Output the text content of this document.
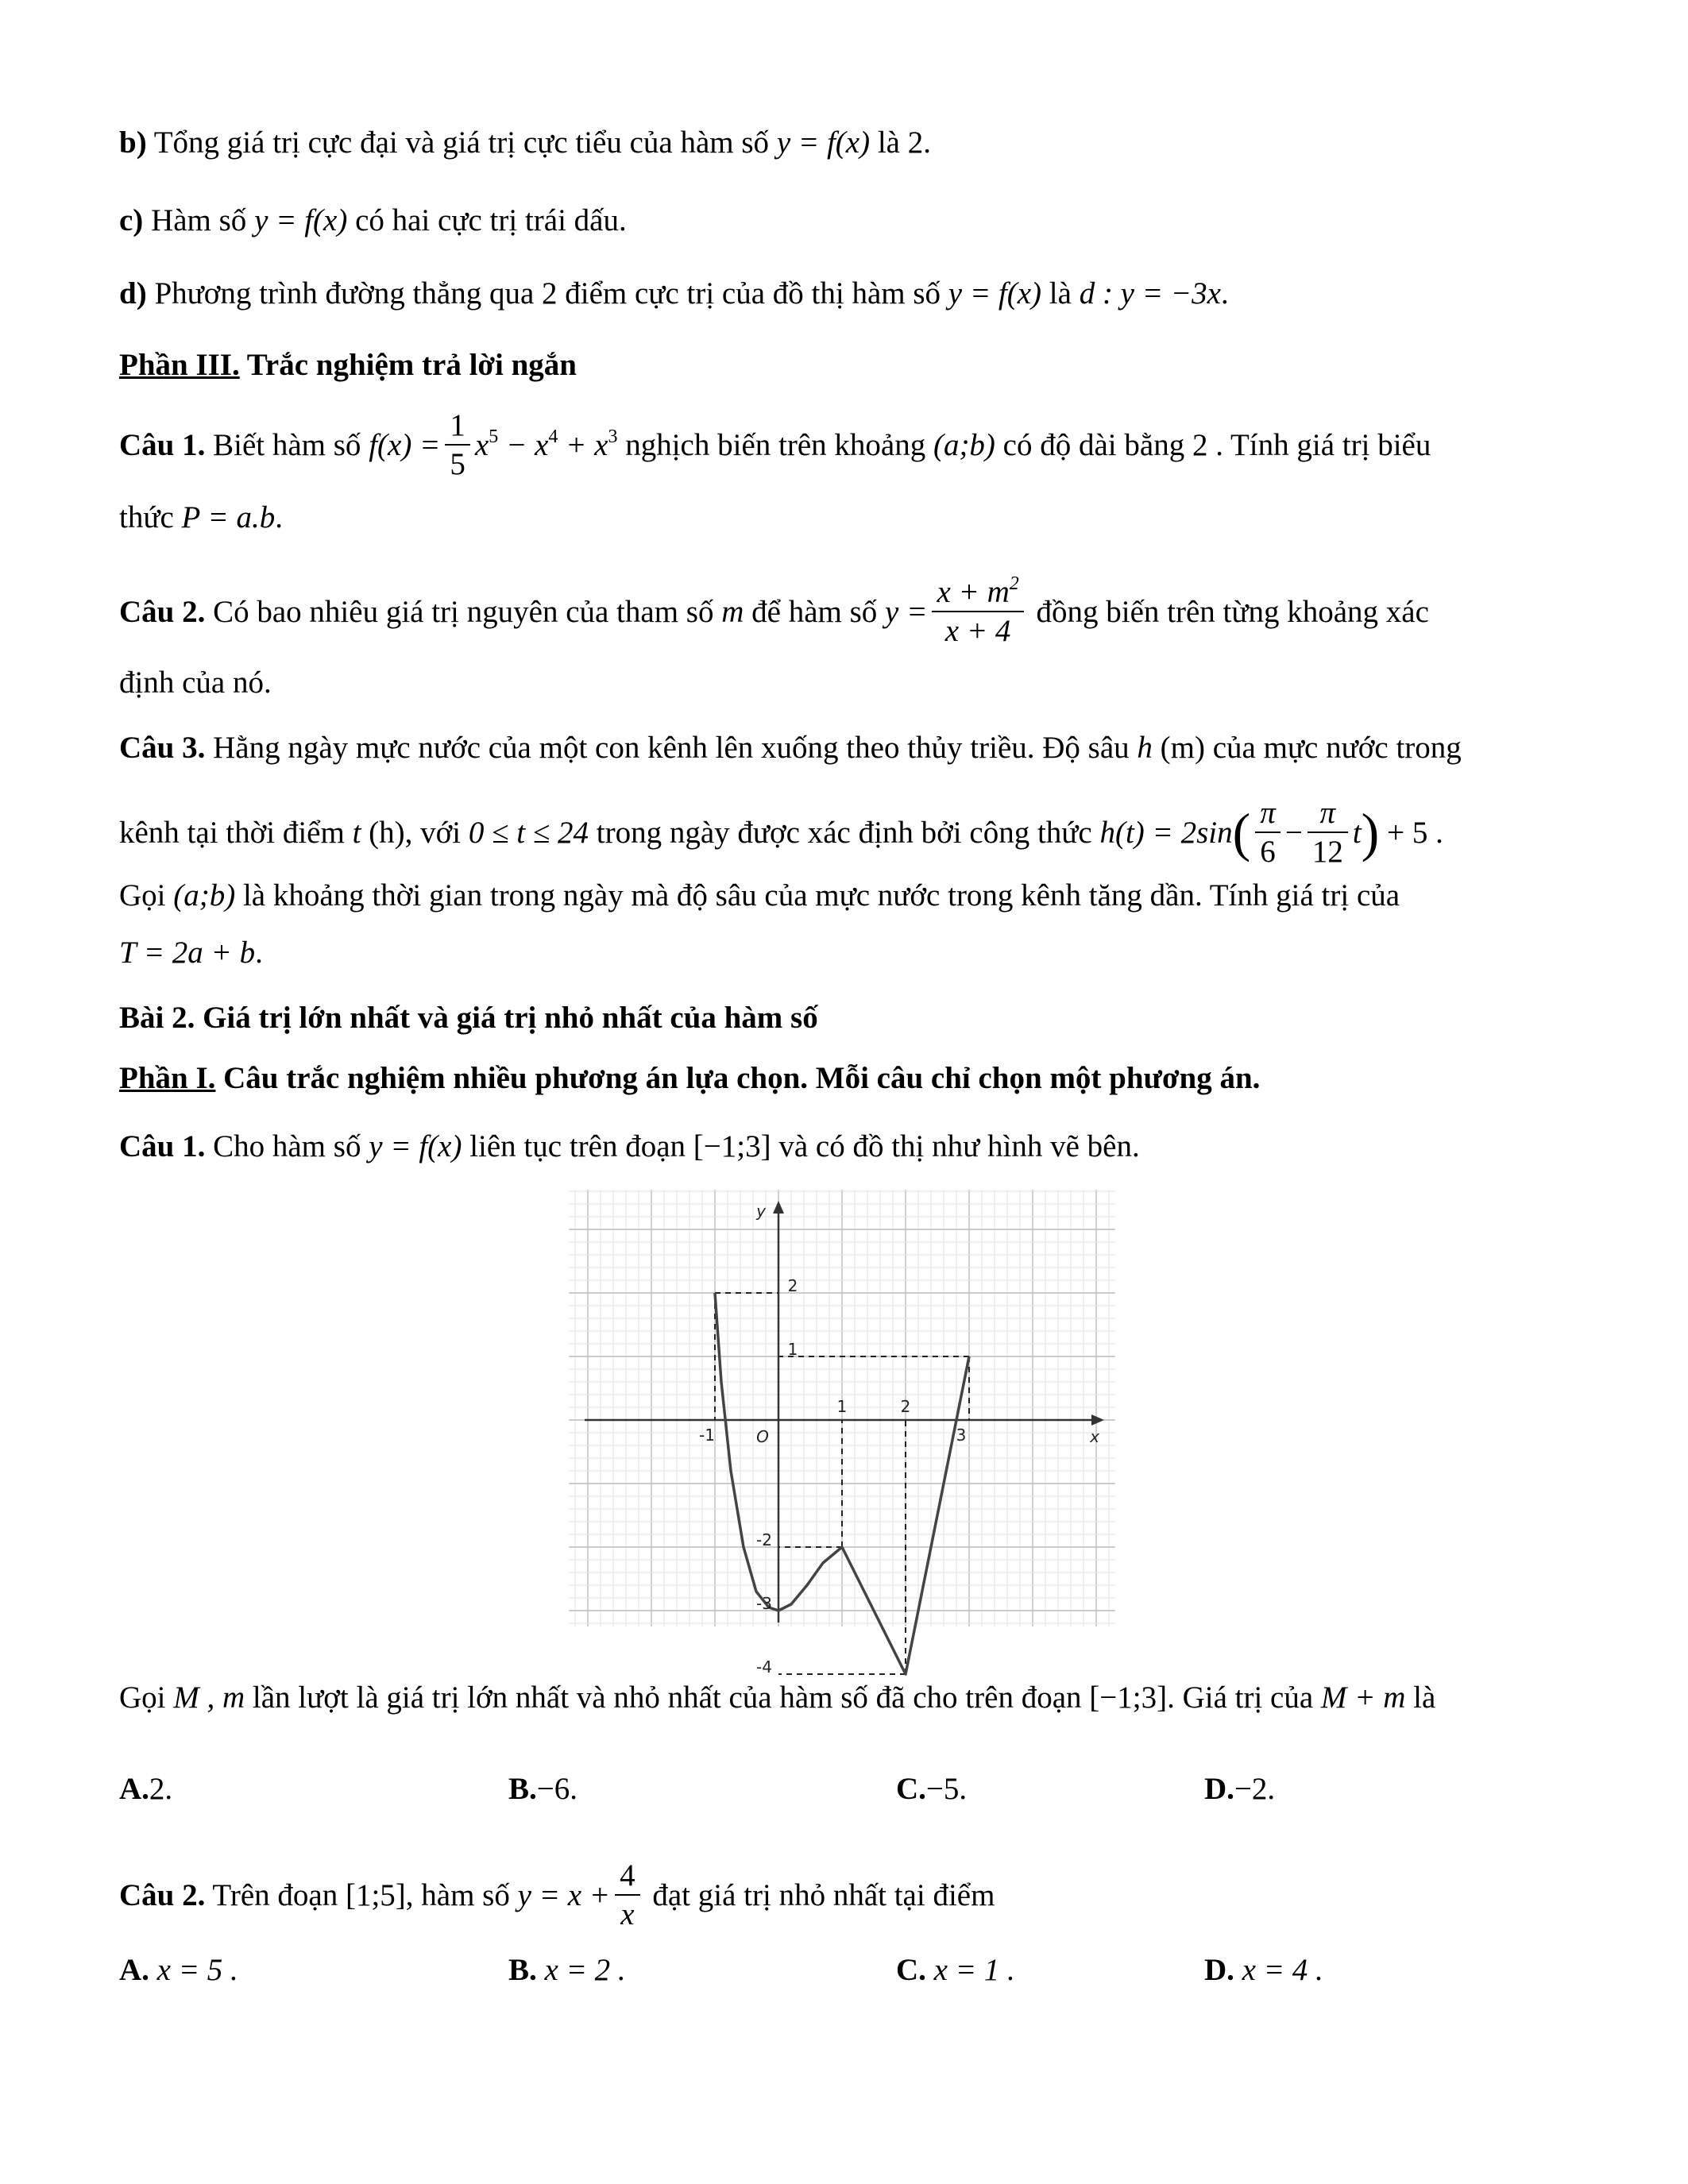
b) Tổng giá trị cực đại và giá trị cực tiểu của hàm số y = f(x) là 2.
c) Hàm số y = f(x) có hai cực trị trái dấu.
d) Phương trình đường thẳng qua 2 điểm cực trị của đồ thị hàm số y = f(x) là d : y = −3x.
Phần III. Trắc nghiệm trả lời ngắn
Câu 1. Biết hàm số $f(x) = \frac{1}{5} x^5 - x^4 + x^3$ nghịch biến trên khoảng (a;b) có độ dài bằng 2 . Tính giá trị biểu
thức P = a.b.
Câu 2. Có bao nhiêu giá trị nguyên của tham số m để hàm số $y = \frac{x + m^2}{x + 4}$ đồng biến trên từng khoảng xác
định của nó.
Câu 3. Hằng ngày mực nước của một con kênh lên xuống theo thủy triều. Độ sâu h (m) của mực nước trong
kênh tại thời điểm t (h), với 0 ≤ t ≤ 24 trong ngày được xác định bởi công thức $h(t) = 2\sin( \frac{\pi}{6} - \frac{\pi}{12} t) + 5$ .
Gọi (a;b) là khoảng thời gian trong ngày mà độ sâu của mực nước trong kênh tăng dần. Tính giá trị của
T = 2a + b.
Bài 2. Giá trị lớn nhất và giá trị nhỏ nhất của hàm số
Phần I. Câu trắc nghiệm nhiều phương án lựa chọn. Mỗi câu chỉ chọn một phương án.
Câu 1. Cho hàm số y = f(x) liên tục trên đoạn [−1;3] và có đồ thị như hình vẽ bên.
-1	3
1	2
2
1
-2
-3
-4
O	x
y
Gọi M , m lần lượt là giá trị lớn nhất và nhỏ nhất của hàm số đã cho trên đoạn [−1;3]. Giá trị của M + m là
A.2.	B.−6.	C.−5.	D.−2.
Câu 2. Trên đoạn [1;5], hàm số $y = x + \frac{4}{x}$ đạt giá trị nhỏ nhất tại điểm
A. x = 5 .	B. x = 2 .	C. x = 1 .	D. x = 4 .
